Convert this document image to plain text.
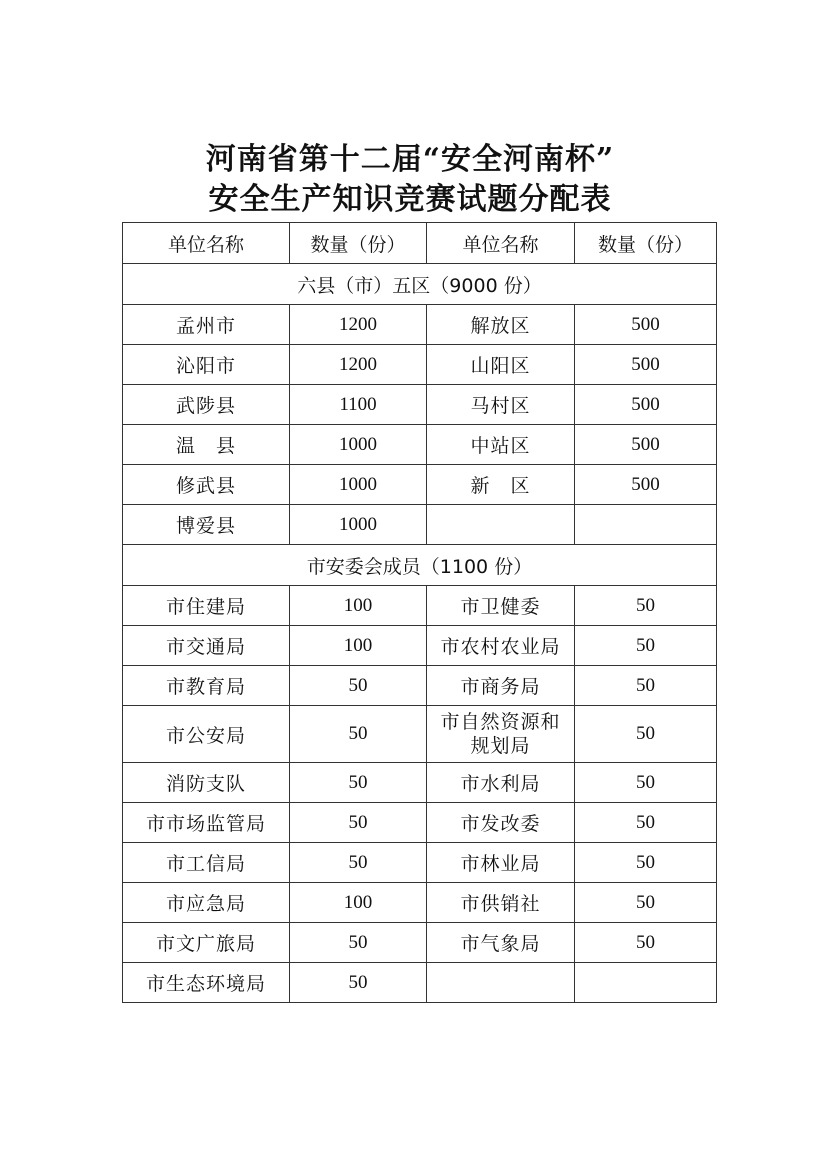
河南省第十二届“安全河南杯”
安全生产知识竞赛试题分配表
单位名称	数量（份）	单位名称	数量（份）
六县（市）五区（9000 份）			
孟州市	1200	解放区	500
沁阳市	1200	山阳区	500
武陟县	1100	马村区	500
温　县	1000	中站区	500
修武县	1000	新　区	500
博爱县	1000		
市安委会成员（1100 份）			
市住建局	100	市卫健委	50
市交通局	100	市农村农业局	50
市教育局	50	市商务局	50
市公安局	50	市自然资源和规划局	50
消防支队	50	市水利局	50
市市场监管局	50	市发改委	50
市工信局	50	市林业局	50
市应急局	100	市供销社	50
市文广旅局	50	市气象局	50
市生态环境局	50		
